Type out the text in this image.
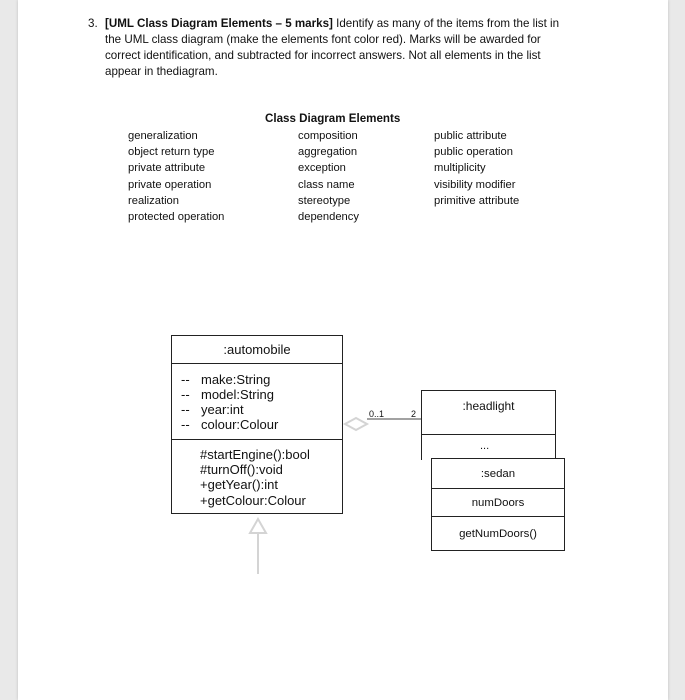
3. [UML Class Diagram Elements – 5 marks] Identify as many of the items from the list in the UML class diagram (make the elements font color red). Marks will be awarded for correct identification, and subtracted for incorrect answers. Not all elements in the list appear in thediagram.
Class Diagram Elements
generalization
object return type
private attribute
private operation
realization
protected operation
composition
aggregation
exception
class name
stereotype
dependency
public attribute
public operation
multiplicity
visibility modifier
primitive attribute
0..1	2
:automobile
-- make:String
-- model:String
-- year:int
-- colour:Colour
#startEngine():bool
#turnOff():void
+getYear():int
+getColour:Colour
:headlight
...
:sedan
numDoors
getNumDoors()
